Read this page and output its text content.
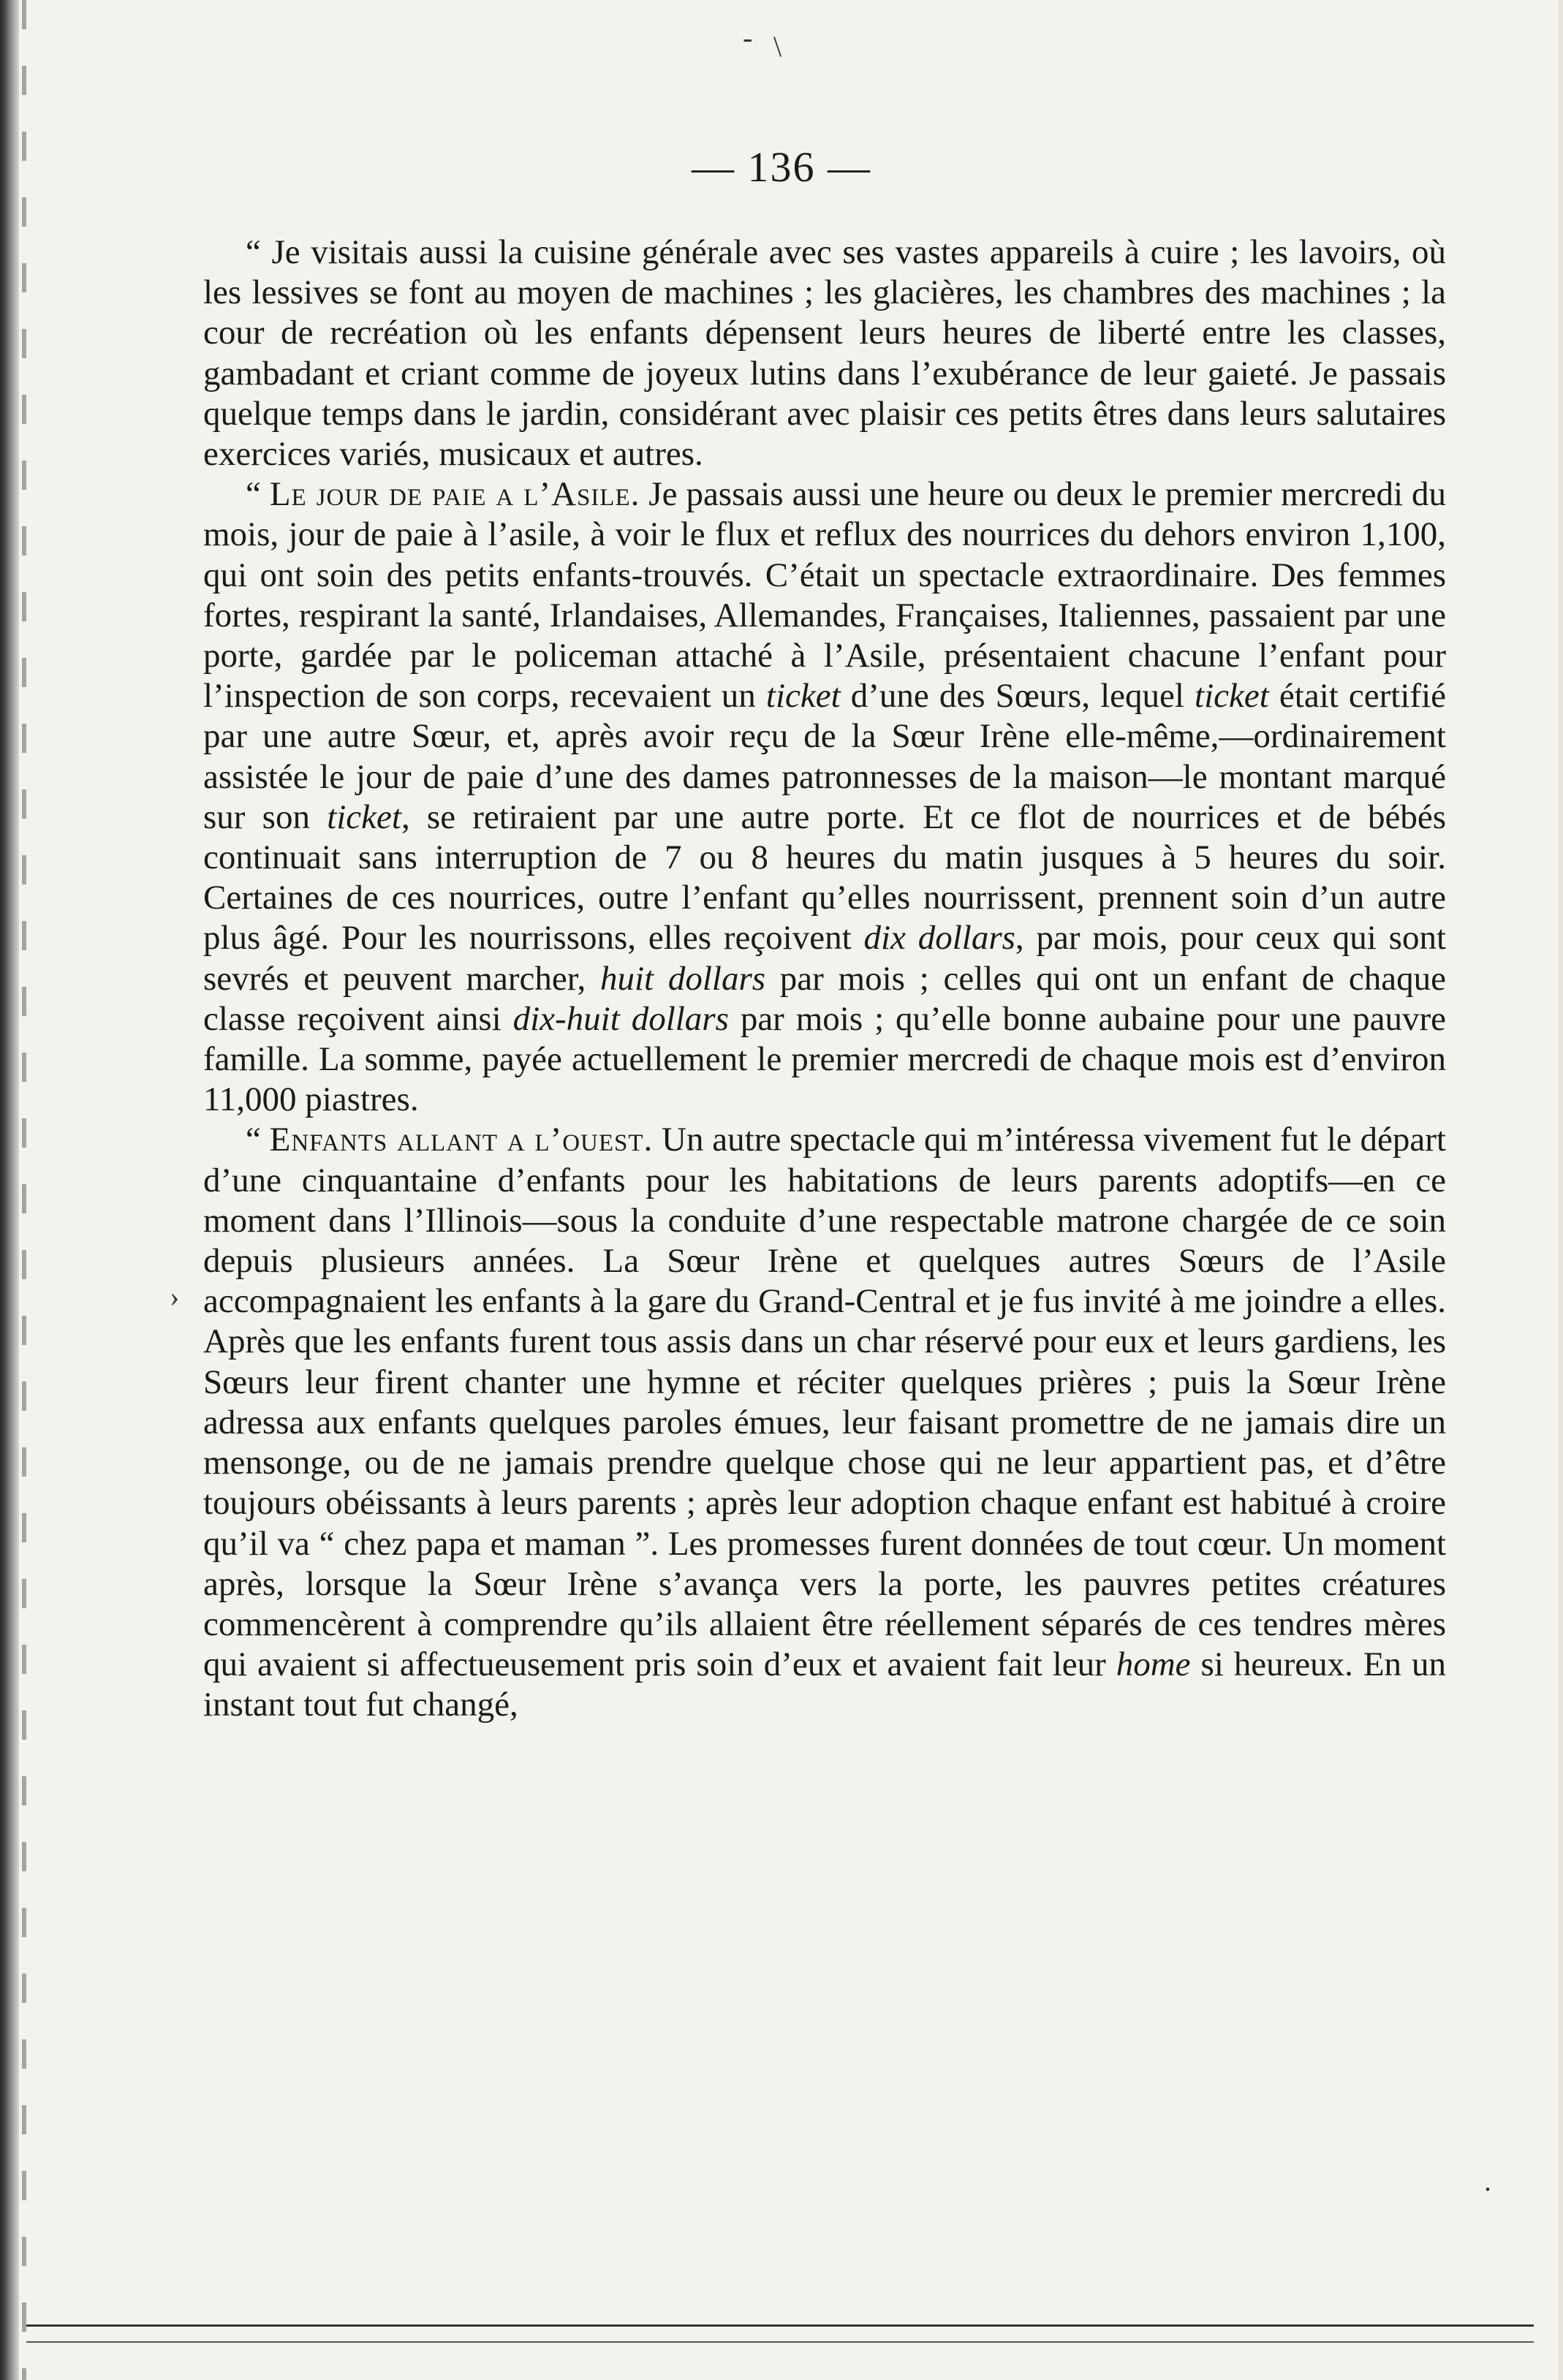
- \
›
.
— 136 —

“ Je visitais aussi la cuisine générale avec ses vastes appareils à cuire ; les lavoirs, où les lessives se font au moyen de machines ; les glacières, les chambres des machines ; la cour de recréation où les enfants dépensent leurs heures de liberté entre les classes, gambadant et criant comme de joyeux lutins dans l’exubérance de leur gaieté. Je passais quelque temps dans le jardin, considérant avec plaisir ces petits êtres dans leurs salutaires exercices variés, musicaux et autres.

“ Le jour de paie a l’Asile. Je passais aussi une heure ou deux le premier mercredi du mois, jour de paie à l’asile, à voir le flux et reflux des nourrices du dehors environ 1,100, qui ont soin des petits enfants-trouvés. C’était un spectacle extraordinaire. Des femmes fortes, respirant la santé, Irlandaises, Allemandes, Françaises, Italiennes, passaient par une porte, gardée par le policeman attaché à l’Asile, présentaient chacune l’enfant pour l’inspection de son corps, recevaient un ticket d’une des Sœurs, lequel ticket était certifié par une autre Sœur, et, après avoir reçu de la Sœur Irène elle-même,—ordinairement assistée le jour de paie d’une des dames patronnesses de la maison—le montant marqué sur son ticket, se retiraient par une autre porte. Et ce flot de nourrices et de bébés continuait sans interruption de 7 ou 8 heures du matin jusques à 5 heures du soir. Certaines de ces nourrices, outre l’enfant qu’elles nourrissent, prennent soin d’un autre plus âgé. Pour les nourrissons, elles reçoivent dix dollars, par mois, pour ceux qui sont sevrés et peuvent marcher, huit dollars par mois ; celles qui ont un enfant de chaque classe reçoivent ainsi dix-huit dollars par mois ; qu’elle bonne aubaine pour une pauvre famille. La somme, payée actuellement le premier mercredi de chaque mois est d’environ 11,000 piastres.

“ Enfants allant a l’ouest. Un autre spectacle qui m’intéressa vivement fut le départ d’une cinquantaine d’enfants pour les habitations de leurs parents adoptifs—en ce moment dans l’Illinois—sous la conduite d’une respectable matrone chargée de ce soin depuis plusieurs années. La Sœur Irène et quelques autres Sœurs de l’Asile accompagnaient les enfants à la gare du Grand-Central et je fus invité à me joindre a elles. Après que les enfants furent tous assis dans un char réservé pour eux et leurs gardiens, les Sœurs leur firent chanter une hymne et réciter quelques prières ; puis la Sœur Irène adressa aux enfants quelques paroles émues, leur faisant promettre de ne jamais dire un mensonge, ou de ne jamais prendre quelque chose qui ne leur appartient pas, et d’être toujours obéissants à leurs parents ; après leur adoption chaque enfant est habitué à croire qu’il va “ chez papa et maman ”. Les promesses furent données de tout cœur. Un moment après, lorsque la Sœur Irène s’avança vers la porte, les pauvres petites créatures commencèrent à comprendre qu’ils allaient être réellement séparés de ces tendres mères qui avaient si affectueusement pris soin d’eux et avaient fait leur home si heureux. En un instant tout fut changé,
